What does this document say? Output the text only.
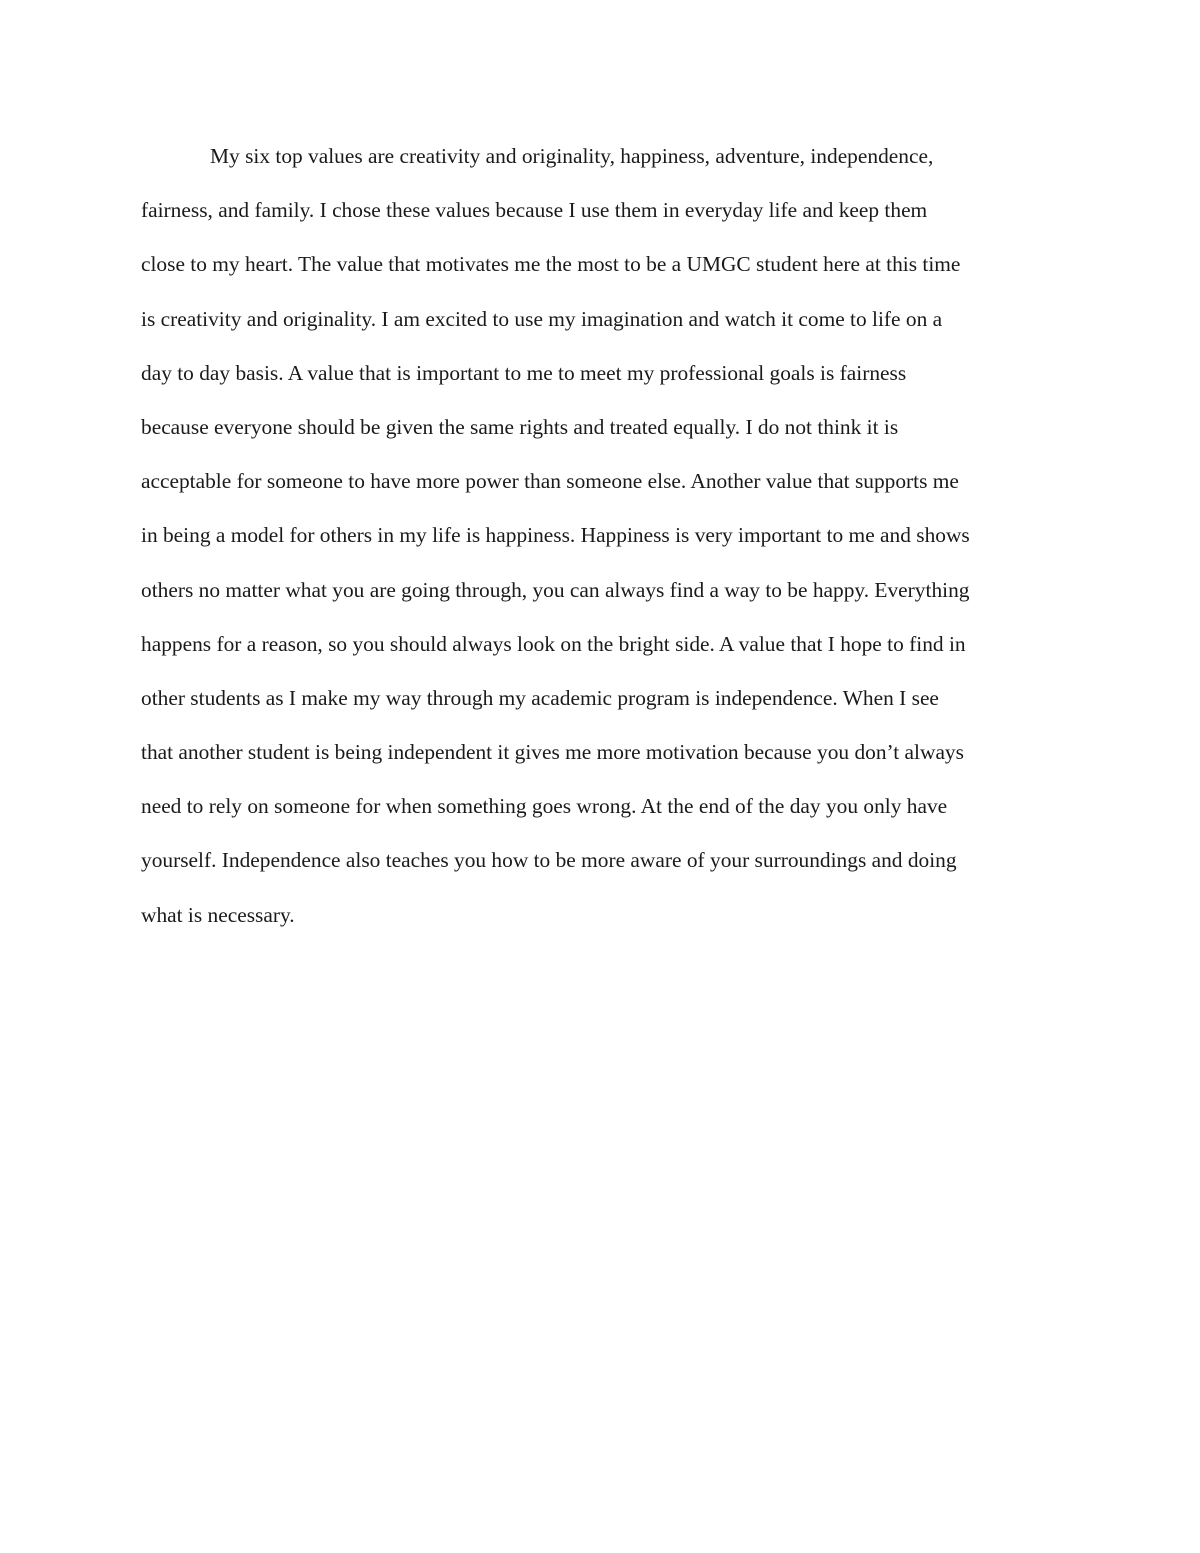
My six top values are creativity and originality, happiness, adventure, independence,
fairness, and family. I chose these values because I use them in everyday life and keep them
close to my heart. The value that motivates me the most to be a UMGC student here at this time
is creativity and originality. I am excited to use my imagination and watch it come to life on a
day to day basis. A value that is important to me to meet my professional goals is fairness
because everyone should be given the same rights and treated equally. I do not think it is
acceptable for someone to have more power than someone else. Another value that supports me
in being a model for others in my life is happiness. Happiness is very important to me and shows
others no matter what you are going through, you can always find a way to be happy. Everything
happens for a reason, so you should always look on the bright side. A value that I hope to find in
other students as I make my way through my academic program is independence. When I see
that another student is being independent it gives me more motivation because you don’t always
need to rely on someone for when something goes wrong. At the end of the day you only have
yourself. Independence also teaches you how to be more aware of your surroundings and doing
what is necessary.
